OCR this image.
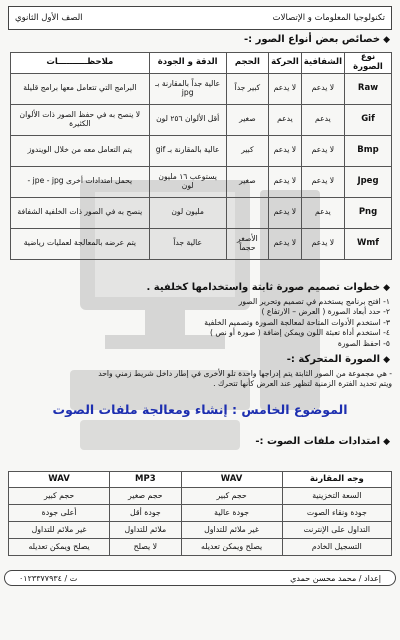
تكنولوجيا المعلومات و الإتصالات
الصف الأول الثانوي
◆خصائص بعض أنواع الصور :-
نوع الصورة	الشفافية	الحركة	الحجم	الدقة و الجودة	ملاحظــــــــــات
Raw	لا يدعم	لا يدعم	كبير جداً	عالية جداً بالمقارنة بـ jpg	البرامج التي تتعامل معها برامج قليلة
Gif	يدعم	يدعم	صغير	أقل الألوان ٢٥٦ لون	لا ينصح به في حفظ الصور ذات الألوان الكثيرة
Bmp	لا يدعم	لا يدعم	كبير	عالية بالمقارنة بـ gif	يتم التعامل معه من خلال الويندوز
Jpeg	لا يدعم	لا يدعم	صغير	يستوعب ١٦ مليون لون	يحمل امتدادات أخرى jpe - jpg -
Png	يدعم	لا يدعم		مليون لون	ينصح به في الصور ذات الخلفية الشفافة
Wmf	لا يدعم	لا يدعم	الأصغر حجماً	عالية جداً	يتم عرضه بالمعالجة لعمليات رياضية
◆خطوات تصميم صورة ثابتة واستخدامها كخلفية .
١- افتح برنامج يستخدم في تصميم وتحرير الصور
٢- حدد أبعاد الصورة ( العرض – الارتفاع )
٣- استخدم الأدوات المتاحة لمعالجة الصورة وتصميم الخلفية
٤- استخدم أداة تعبئة اللون ويمكن إضافة ( صورة أو نص )
٥- احفظ الصورة
◆الصورة المتحركة :-
- هي مجموعة من الصور الثابتة يتم إدراجها واحدة تلو الأخرى في إطار داخل شريط زمني واحد
ويتم تحديد الفترة الزمنية لتظهر عند العرض كأنها تتحرك .
الموضوع الخامس : إنشاء ومعالجة ملفات الصوت
◆امتدادات ملفات الصوت :-
وجه المقارنة	WAV	MP3	WAV
السعة التخزينية	حجم كبير	حجم صغير	حجم كبير
جودة ونقاء الصوت	جودة عالية	جودة أقل	أعلى جودة
التداول على الإنترنت	غير ملائم للتداول	ملائم للتداول	غير ملائم للتداول
التسجيل الخادم	يصلح ويمكن تعديله	لا يصلح	يصلح ويمكن تعديله
إعداد / محمد محسن حمدي
ت / ٠١٢٣٣٧٧٩٣٤
